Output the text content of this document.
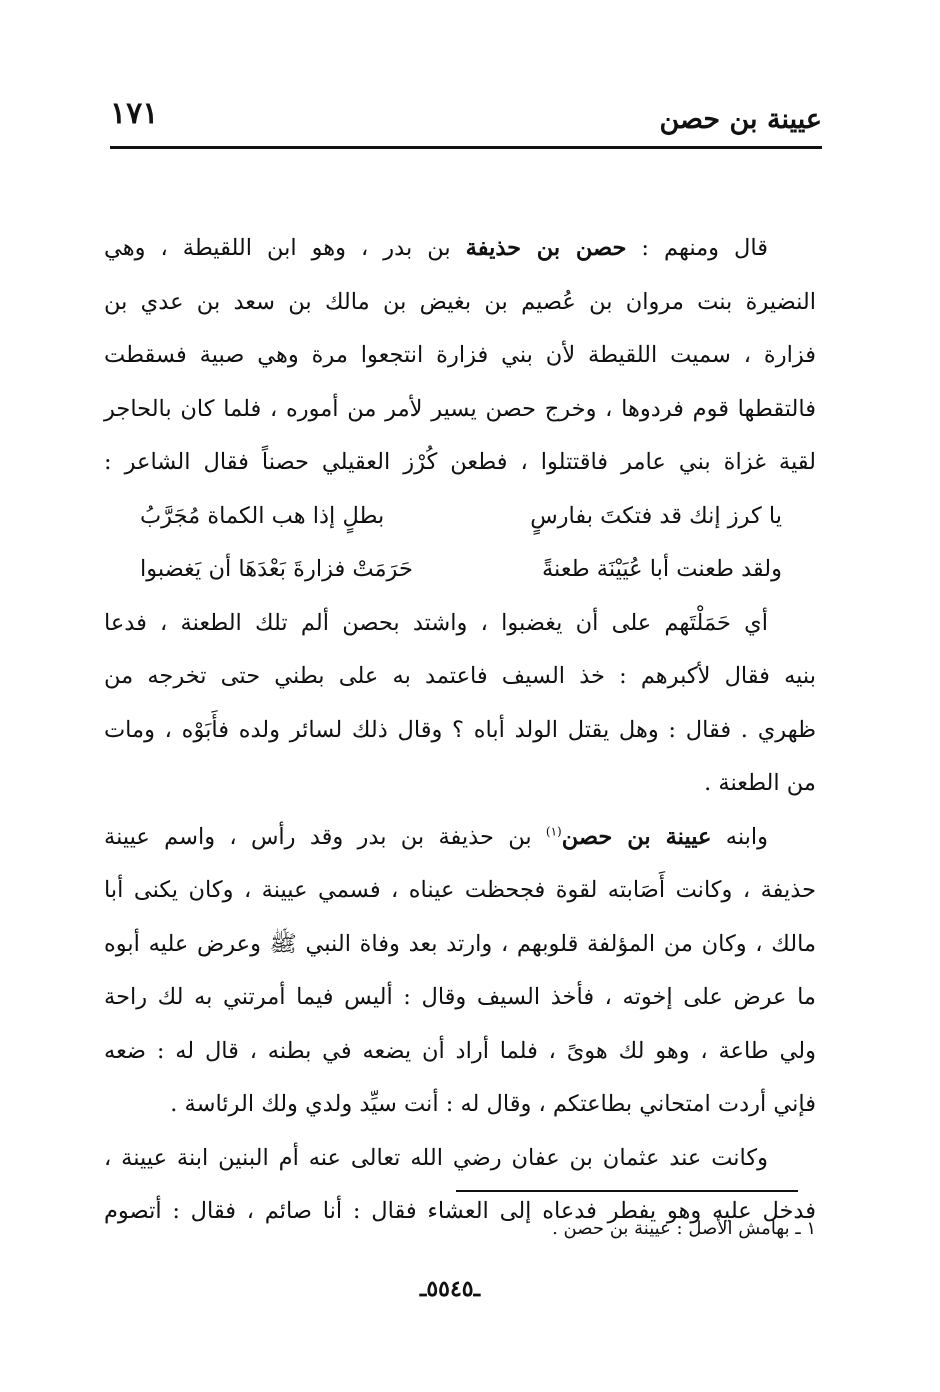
عيينة بن حصن
١٧١
قال ومنهم : حصن بن حذيفة بن بدر ، وهو ابن اللقيطة ، وهي
النضيرة بنت مروان بن عُصيم بن بغيض بن مالك بن سعد بن عدي بن
فزارة ، سميت اللقيطة لأن بني فزارة انتجعوا مرة وهي صبية فسقطت
فالتقطها قوم فردوها ، وخرج حصن يسير لأمر من أموره ، فلما كان بالحاجر
لقية غزاة بني عامر فاقتتلوا ، فطعن كُرْز العقيلي حصناً فقال الشاعر :
يا كرز إنك قد فتكتَ بفارسٍ
بطلٍ إذا هب الكماة مُجَرَّبُ
ولقد طعنت أبا عُيَيْنَة طعنةً
حَرَمَتْ فزارةَ بَعْدَهَا أن يَغضبوا
أي حَمَلْتَهم على أن يغضبوا ، واشتد بحصن ألم تلك الطعنة ، فدعا
بنيه فقال لأكبرهم : خذ السيف فاعتمد به على بطني حتى تخرجه من
ظهري . فقال : وهل يقتل الولد أباه ؟ وقال ذلك لسائر ولده فأَبَوْه ، ومات
من الطعنة .
وابنه عيينة بن حصن$^{(١)}$ بن حذيفة بن بدر وقد رأس ، واسم عيينة
حذيفة ، وكانت أَصَابته لقوة فجحظت عيناه ، فسمي عيينة ، وكان يكنى أبا
مالك ، وكان من المؤلفة قلوبهم ، وارتد بعد وفاة النبي ﷺ وعرض عليه أبوه
ما عرض على إخوته ، فأخذ السيف وقال : أليس فيما أمرتني به لك راحة
ولي طاعة ، وهو لك هوىً ، فلما أراد أن يضعه في بطنه ، قال له : ضعه
فإني أردت امتحاني بطاعتكم ، وقال له : أنت سيِّد ولدي ولك الرئاسة .
وكانت عند عثمان بن عفان رضي الله تعالى عنه أم البنين ابنة عيينة ،
فدخل عليه وهو يفطر فدعاه إلى العشاء فقال : أنا صائم ، فقال : أتصوم
١ ـ بهامش الأصل : عيينة بن حصن .
ـ٥٥٤٥ـ
